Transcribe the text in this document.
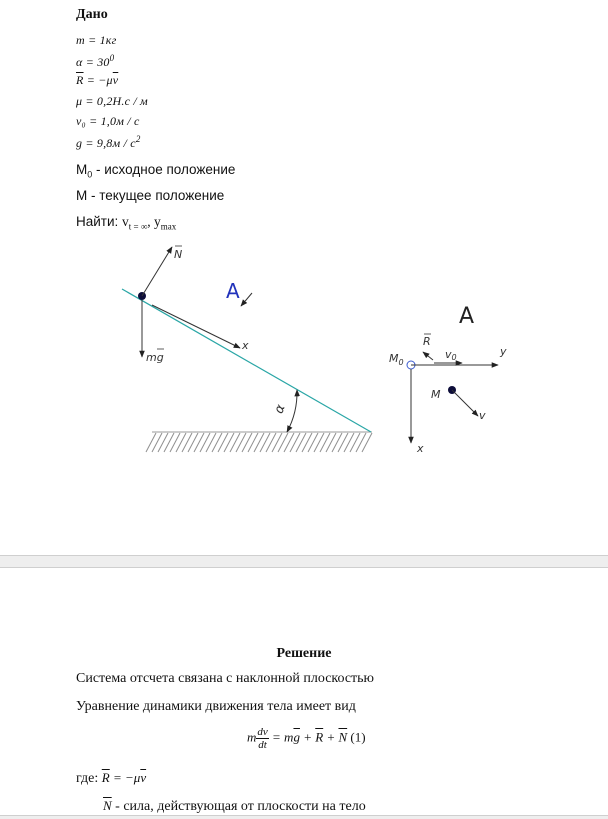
Дано
m = 1кг
$\alpha = 30^0$
$\overline{R} = -\mu\overline{v}$
μ = 0,2Н.с / м
v₀ = 1,0м / с
$g = 9,8м / с^2$
$M_0$ - исходное положение
M - текущее положение
Найти: $v_{t = \infty}$, $y_{max}$
N
mg
x
A
α
A
$M_0$
y
x
R
v0
M
v
Решение
Система отсчета связана с наклонной плоскостью
Уравнение динамики движения тела имеет вид
m $\frac{dv}{dt} = m\overline{g} + \overline{R} + \overline{N}$ (1)
где: $\overline{R} = -\mu\overline{v}$
$\overline{N}$ - сила, действующая от плоскости на тело
